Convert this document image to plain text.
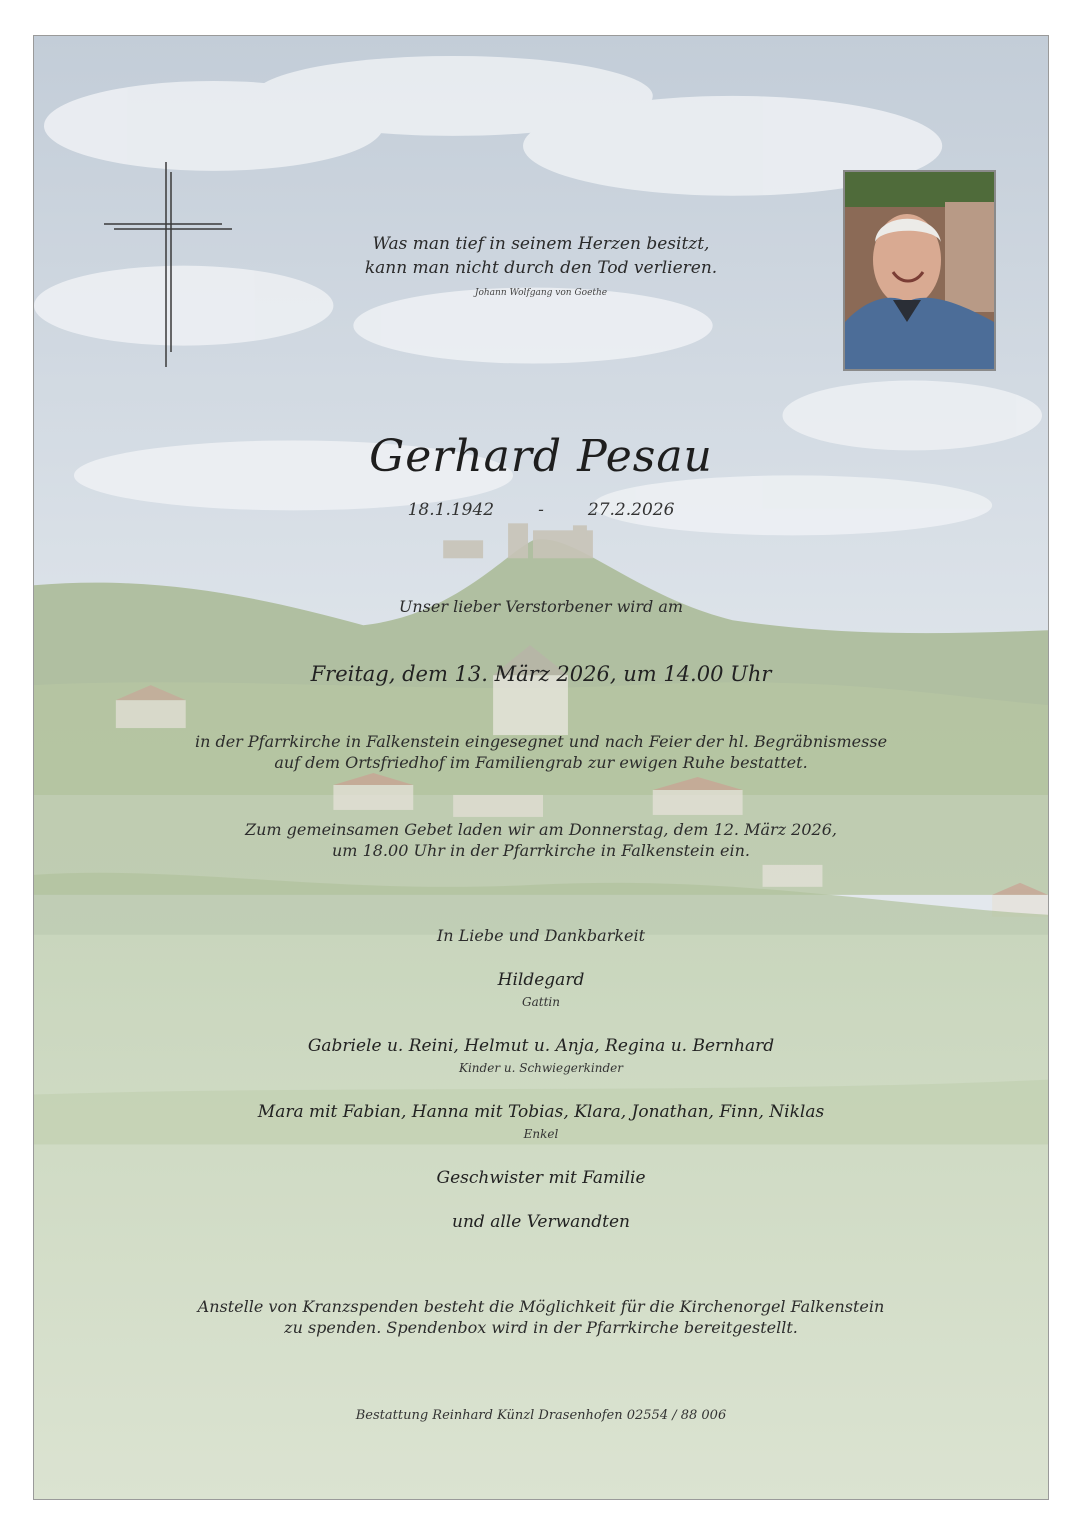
Was man tief in seinem Herzen besitzt,
kann man nicht durch den Tod verlieren.
Johann Wolfgang von Goethe
Gerhard Pesau
18.1.1942	-	27.2.2026
Unser lieber Verstorbener wird am
Freitag, dem 13. März 2026, um 14.00 Uhr
in der Pfarrkirche in Falkenstein eingesegnet und nach Feier der hl. Begräbnismesse
auf dem Ortsfriedhof im Familiengrab zur ewigen Ruhe bestattet.
Zum gemeinsamen Gebet laden wir am Donnerstag, dem 12. März 2026,
um 18.00 Uhr in der Pfarrkirche in Falkenstein ein.
In Liebe und Dankbarkeit
Hildegard
Gattin
Gabriele u. Reini, Helmut u. Anja, Regina u. Bernhard
Kinder u. Schwiegerkinder
Mara mit Fabian, Hanna mit Tobias, Klara, Jonathan, Finn, Niklas
Enkel
Geschwister mit Familie
und alle Verwandten
Anstelle von Kranzspenden besteht die Möglichkeit für die Kirchenorgel Falkenstein
zu spenden. Spendenbox wird in der Pfarrkirche bereitgestellt.
Bestattung Reinhard Künzl Drasenhofen 02554 / 88 006
